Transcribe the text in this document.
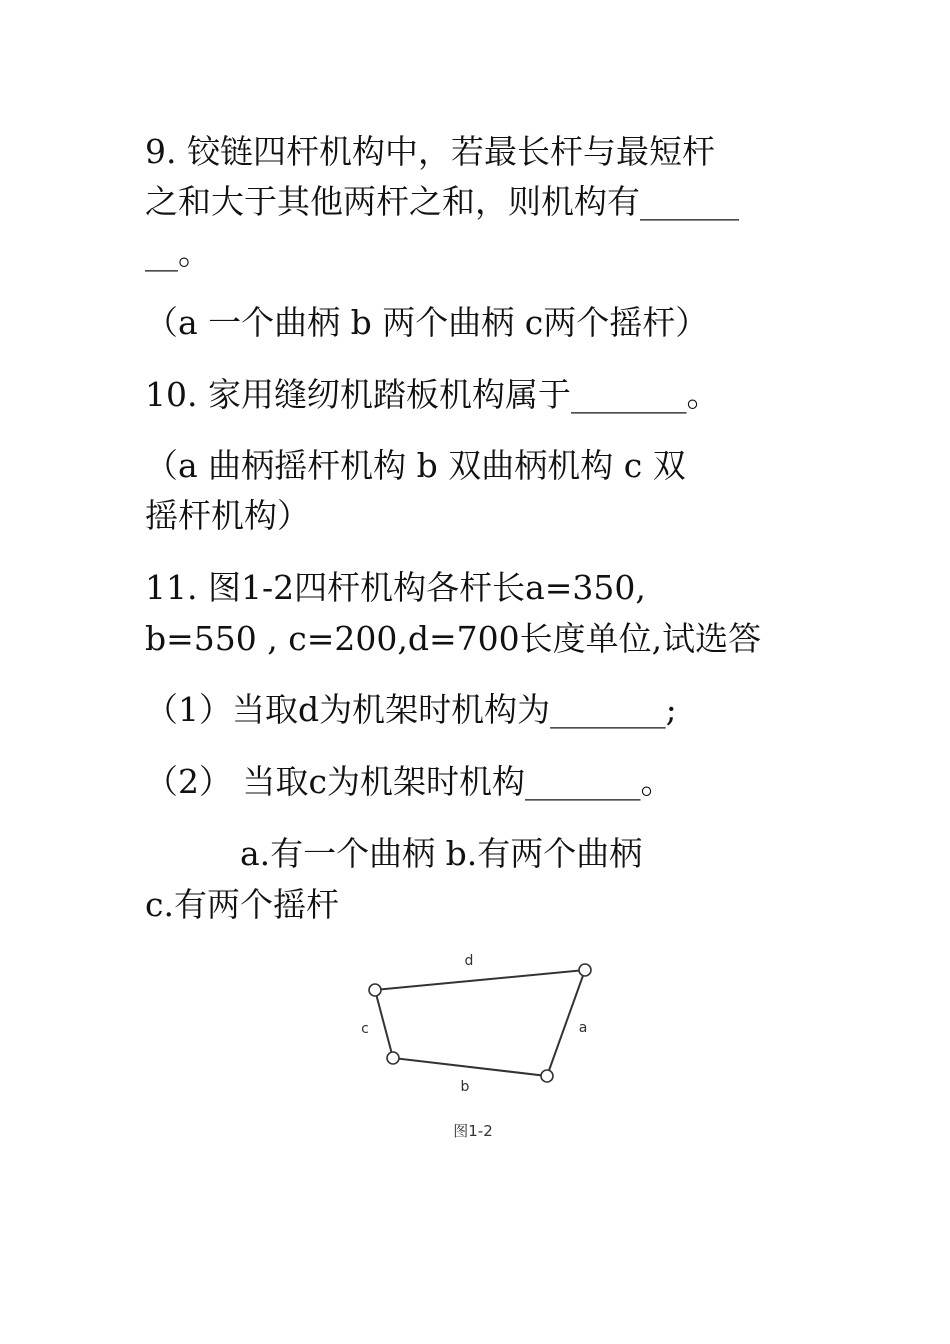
9. 铰链四杆机构中，若最长杆与最短杆

之和大于其他两杆之和，则机构有______

__。

（a 一个曲柄 b 两个曲柄 c两个摇杆）

10. 家用缝纫机踏板机构属于_______。

（a 曲柄摇杆机构 b 双曲柄机构 c 双

摇杆机构）

11. 图1-2四杆机构各杆长a=350,

b=550 , c=200,d=700长度单位,试选答

（1）当取d为机架时机构为_______;

（2） 当取c为机架时机构_______。

a.有一个曲柄 b.有两个曲柄

c.有两个摇杆

d
c	a
b
图1-2
